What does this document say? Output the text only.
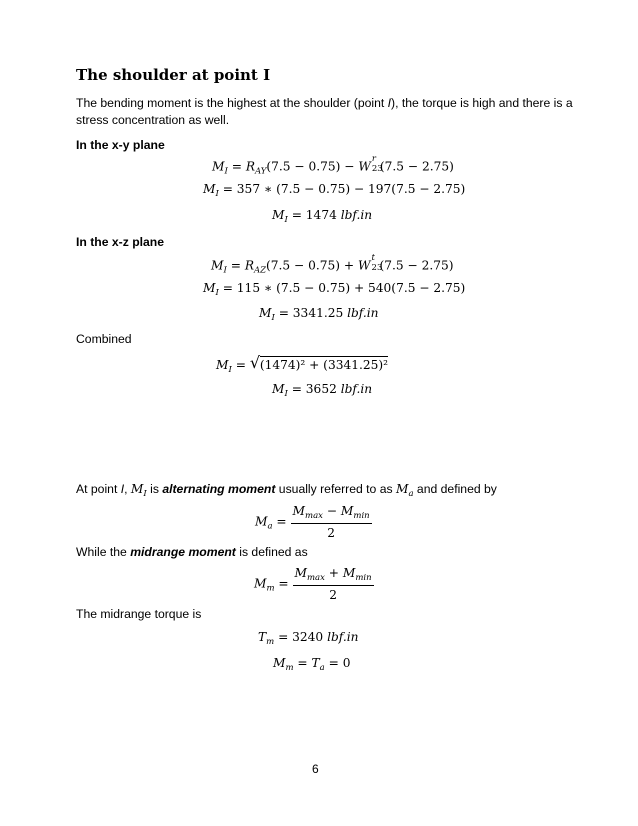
The shoulder at point I
The bending moment is the highest at the shoulder (point I), the torque is high and there is a
stress concentration as well.
In the x-y plane
$M_I = R_{AY}(7.5 - 0.75) - W$
r
23
(7.5 − 2.75)
$M_I = 357$ ∗ (7.5 − 0.75) − 197(7.5 − 2.75)
$M_I = 1474$ lbf.in
In the x-z plane
$M_I = R_{AZ}(7.5 - 0.75) + W$
t
23
(7.5 − 2.75)
$M_I = 115$ ∗ (7.5 − 0.75) + 540(7.5 − 2.75)
$M_I = 3341.25$ lbf.in
Combined
$M_I$ = √ (1474)² + (3341.25)²
$M_I = 3652$ lbf.in
At point I, $M_I$ is alternating moment usually referred to as $M_a$ and defined by
$M_a = \frac{M_{max} - M_{min}}{2}$
While the midrange moment is defined as
$M_m = \frac{M_{max} + M_{min}}{2}$
The midrange torque is
$T_m = 3240$ lbf.in
$M_m = T_a = 0$
6
